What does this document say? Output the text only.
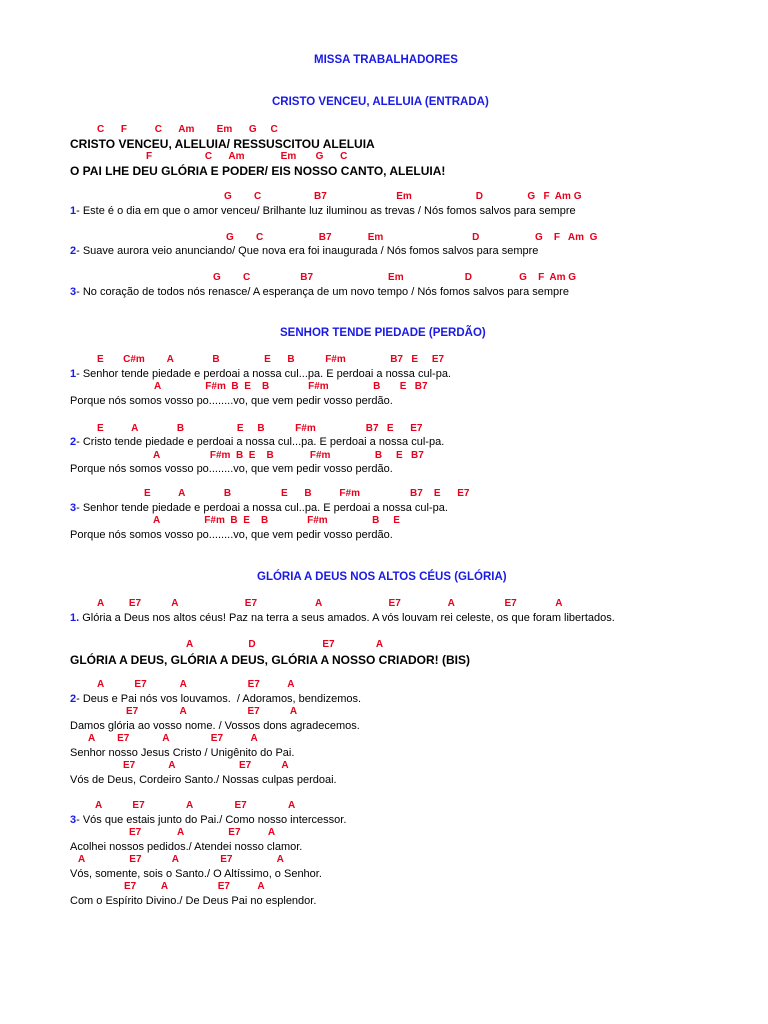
MISSA TRABALHADORES
CRISTO VENCEU, ALELUIA (ENTRADA)
C      F          C      Am        Em      G     C
CRISTO VENCEU, ALELUIA/ RESSUSCITOU ALELUIA
F                   C      Am             Em       G      C
O PAI LHE DEU GLÓRIA E PODER/ EIS NOSSO CANTO, ALELUIA!
G        C                   B7                         Em                       D                G   F  Am G
1- Este é o dia em que o amor venceu/ Brilhante luz iluminou as trevas / Nós fomos salvos para sempre
G        C                    B7             Em                                D                    G    F   Am  G
2- Suave aurora veio anunciando/ Que nova era foi inaugurada / Nós fomos salvos para sempre
G        C                  B7                           Em                      D                 G    F  Am G
3- No coração de todos nós renasce/ A esperança de um novo tempo / Nós fomos salvos para sempre
SENHOR TENDE PIEDADE (PERDÃO)
E       C#m        A              B                E      B           F#m                B7   E     E7
1- Senhor tende piedade e perdoai a nossa cul...pa. E perdoai a nossa cul-pa.
A                F#m  B  E    B              F#m                B       E   B7
Porque nós somos vosso po........vo, que vem pedir vosso perdão.
E          A              B                   E     B           F#m                  B7   E      E7
2- Cristo tende piedade e perdoai a nossa cul...pa. E perdoai a nossa cul-pa.
A                  F#m  B  E    B             F#m                B     E   B7
Porque nós somos vosso po........vo, que vem pedir vosso perdão.
E          A              B                  E      B          F#m                  B7    E      E7
3- Senhor tende piedade e perdoai a nossa cul..pa. E perdoai a nossa cul-pa.
A                F#m  B  E    B              F#m                B     E
Porque nós somos vosso po........vo, que vem pedir vosso perdão.
GLÓRIA A DEUS NOS ALTOS CÉUS (GLÓRIA)
A         E7           A                        E7                     A                        E7                 A                  E7              A
1. Glória a Deus nos altos céus! Paz na terra a seus amados. A vós louvam rei celeste, os que foram libertados.
A                    D                        E7               A
GLÓRIA A DEUS, GLÓRIA A DEUS, GLÓRIA A NOSSO CRIADOR! (BIS)
A           E7            A                      E7          A
2- Deus e Pai nós vos louvamos.  / Adoramos, bendizemos.
E7               A                      E7           A
Damos glória ao vosso nome. / Vossos dons agradecemos.
A        E7            A               E7          A
Senhor nosso Jesus Cristo / Unigênito do Pai.
E7            A                       E7           A
Vós de Deus, Cordeiro Santo./ Nossas culpas perdoai.
A           E7               A               E7               A
3- Vós que estais junto do Pai./ Como nosso intercessor.
E7             A                E7          A
Acolhei nossos pedidos./ Atendei nosso clamor.
A                E7           A               E7                A
Vós, somente, sois o Santo./ O Altíssimo, o Senhor.
E7         A                  E7          A
Com o Espírito Divino./ De Deus Pai no esplendor.
